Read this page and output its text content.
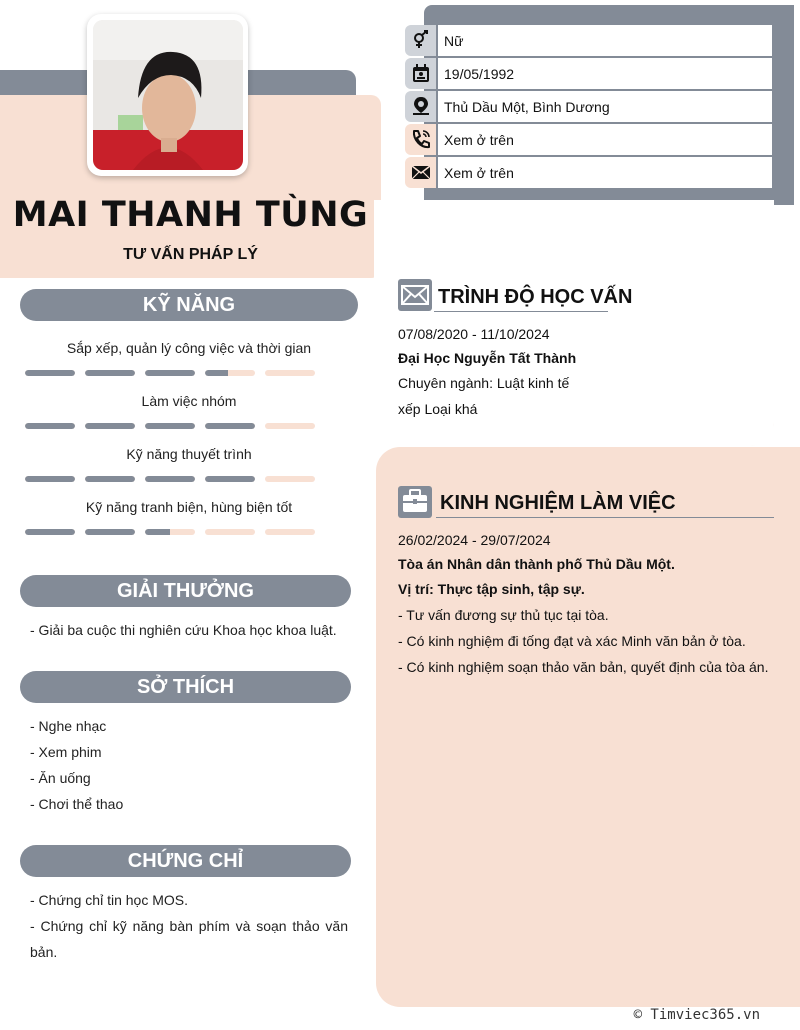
MAI THANH TÙNG
TƯ VẤN PHÁP LÝ
Nữ
19/05/1992
Thủ Dầu Một, Bình Dương
Xem ở trên
Xem ở trên
KỸ NĂNG
Sắp xếp, quản lý công việc và thời gian
Làm việc nhóm
Kỹ năng thuyết trình
Kỹ năng tranh biện, hùng biện tốt
GIẢI THƯỞNG
- Giải ba cuộc thi nghiên cứu Khoa học khoa luật.
SỞ THÍCH
- Nghe nhạc
- Xem phim
- Ăn uống
- Chơi thể thao
CHỨNG CHỈ
- Chứng chỉ tin học MOS.
- Chứng chỉ kỹ năng bàn phím và soạn thảo văn
bản.
TRÌNH ĐỘ HỌC VẤN
07/08/2020 - 11/10/2024
Đại Học Nguyễn Tất Thành
Chuyên ngành: Luật kinh tế
xếp Loại khá
KINH NGHIỆM LÀM VIỆC
26/02/2024 - 29/07/2024
Tòa án Nhân dân thành phố Thủ Dầu Một.
Vị trí: Thực tập sinh, tập sự.
- Tư vấn đương sự thủ tục tại tòa.
- Có kinh nghiệm đi tống đạt và xác Minh văn bản ở tòa.
- Có kinh nghiệm soạn thảo văn bản, quyết định của tòa án.
© Timviec365.vn
